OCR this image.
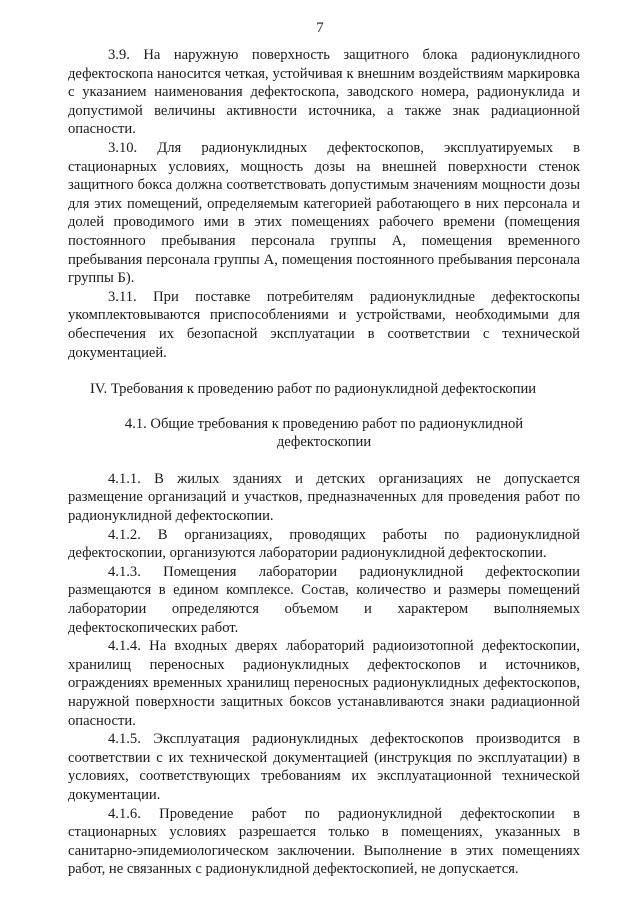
7

3.9. На наружную поверхность защитного блока радионуклидного дефектоскопа наносится четкая, устойчивая к внешним воздействиям маркировка с указанием наименования дефектоскопа, заводского номера, радионуклида и допустимой величины активности источника, а также знак радиационной опасности.

3.10. Для радионуклидных дефектоскопов, эксплуатируемых в стационарных условиях, мощность дозы на внешней поверхности стенок защитного бокса должна соответствовать допустимым значениям мощности дозы для этих помещений, определяемым категорией работающего в них персонала и долей проводимого ими в этих помещениях рабочего времени (помещения постоянного пребывания персонала группы А, помещения временного пребывания персонала группы А, помещения постоянного пребывания персонала группы Б).

3.11. При поставке потребителям радионуклидные дефектоскопы укомплектовываются приспособлениями и устройствами, необходимыми для обеспечения их безопасной эксплуатации в соответствии с технической документацией.

IV. Требования к проведению работ по радионуклидной дефектоскопии

4.1. Общие требования к проведению работ по радионуклидной дефектоскопии

4.1.1. В жилых зданиях и детских организациях не допускается размещение организаций и участков, предназначенных для проведения работ по радионуклидной дефектоскопии.

4.1.2. В организациях, проводящих работы по радионуклидной дефектоскопии, организуются лаборатории радионуклидной дефектоскопии.

4.1.3. Помещения лаборатории радионуклидной дефектоскопии размещаются в едином комплексе. Состав, количество и размеры помещений лаборатории определяются объемом и характером выполняемых дефектоскопических работ.

4.1.4. На входных дверях лабораторий радиоизотопной дефектоскопии, хранилищ переносных радионуклидных дефектоскопов и источников, ограждениях временных хранилищ переносных радионуклидных дефектоскопов, наружной поверхности защитных боксов устанавливаются знаки радиационной опасности.

4.1.5. Эксплуатация радионуклидных дефектоскопов производится в соответствии с их технической документацией (инструкция по эксплуатации) в условиях, соответствующих требованиям их эксплуатационной технической документации.

4.1.6. Проведение работ по радионуклидной дефектоскопии в стационарных условиях разрешается только в помещениях, указанных в санитарно-эпидемиологическом заключении. Выполнение в этих помещениях работ, не связанных с радионуклидной дефектоскопией, не допускается.
